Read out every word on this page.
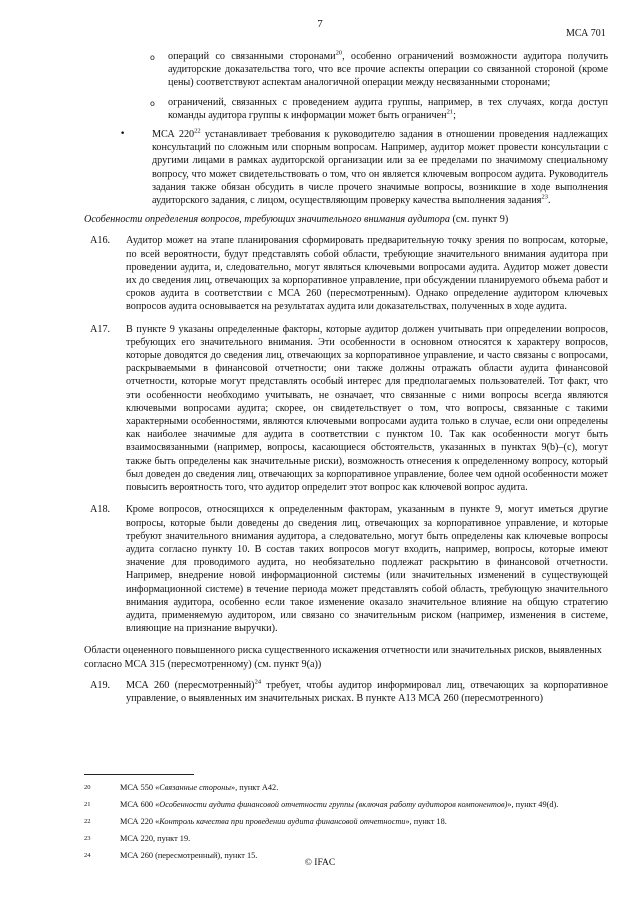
7
МСА 701
o операций со связанными сторонами$^{20}$, особенно ограничений возможности аудитора получить аудиторские доказательства того, что все прочие аспекты операции со связанной стороной (кроме цены) соответствуют аспектам аналогичной операции между несвязанными сторонами;
o ограничений, связанных с проведением аудита группы, например, в тех случаях, когда доступ команды аудитора группы к информации может быть ограничен$^{21}$;
•	МСА $220^{22}$ устанавливает требования к руководителю задания в отношении проведения надлежащих консультаций по сложным или спорным вопросам. Например, аудитор может провести консультации с другими лицами в рамках аудиторской организации или за ее пределами по значимому специальному вопросу, что может свидетельствовать о том, что он является ключевым вопросом аудита. Руководитель задания также обязан обсудить в числе прочего значимые вопросы, возникшие в ходе выполнения аудиторского задания, с лицом, осуществляющим проверку качества выполнения задания$^{23}$.
Особенности определения вопросов, требующих значительного внимания аудитора (см. пункт 9)
A16. Аудитор может на этапе планирования сформировать предварительную точку зрения по вопросам, которые, по всей вероятности, будут представлять собой области, требующие значительного внимания аудитора при проведении аудита, и, следовательно, могут являться ключевыми вопросами аудита. Аудитор может довести их до сведения лиц, отвечающих за корпоративное управление, при обсуждении планируемого объема работ и сроков аудита в соответствии с МСА 260 (пересмотренным). Однако определение аудитором ключевых вопросов аудита основывается на результатах аудита или доказательствах, полученных в ходе аудита.
A17. В пункте 9 указаны определенные факторы, которые аудитор должен учитывать при определении вопросов, требующих его значительного внимания. Эти особенности в основном относятся к характеру вопросов, которые доводятся до сведения лиц, отвечающих за корпоративное управление, и часто связаны с вопросами, раскрываемыми в финансовой отчетности; они также должны отражать области аудита финансовой отчетности, которые могут представлять особый интерес для предполагаемых пользователей. Тот факт, что эти особенности необходимо учитывать, не означает, что связанные с ними вопросы всегда являются ключевыми вопросами аудита; скорее, он свидетельствует о том, что вопросы, связанные с такими характерными особенностями, являются ключевыми вопросами аудита только в случае, если они определены как наиболее значимые для аудита в соответствии с пунктом 10. Так как особенности могут быть взаимосвязанными (например, вопросы, касающиеся обстоятельств, указанных в пунктах 9(b)–(c), могут также быть определены как значительные риски), возможность отнесения к определенному вопросу, который был доведен до сведения лиц, отвечающих за корпоративное управление, более чем одной особенности может повысить вероятность того, что аудитор определит этот вопрос как ключевой вопрос аудита.
A18. Кроме вопросов, относящихся к определенным факторам, указанным в пункте 9, могут иметься другие вопросы, которые были доведены до сведения лиц, отвечающих за корпоративное управление, и которые требуют значительного внимания аудитора, а следовательно, могут быть определены как ключевые вопросы аудита согласно пункту 10. В состав таких вопросов могут входить, например, вопросы, которые имеют значение для проводимого аудита, но необязательно подлежат раскрытию в финансовой отчетности. Например, внедрение новой информационной системы (или значительных изменений в существующей информационной системе) в течение периода может представлять собой область, требующую значительного внимания аудитора, особенно если такое изменение оказало значительное влияние на общую стратегию аудита, применяемую аудитором, или связано со значительным риском (например, изменения в системе, влияющие на признание выручки).
Области оцененного повышенного риска существенного искажения отчетности или значительных рисков, выявленных согласно МСА 315 (пересмотренному) (см. пункт 9(а))
A19. МСА 260 (пересмотренный)$^{24}$ требует, чтобы аудитор информировал лиц, отвечающих за корпоративное управление, о выявленных им значительных рисках. В пункте А13 МСА 260 (пересмотренного)
20	МСА 550 «Связанные стороны», пункт А42.
21	МСА 600 «Особенности аудита финансовой отчетности группы (включая работу аудиторов компонентов)», пункт 49(d).
22	МСА 220 «Контроль качества при проведении аудита финансовой отчетности», пункт 18.
23	МСА 220, пункт 19.
24	МСА 260 (пересмотренный), пункт 15.
© IFAC
